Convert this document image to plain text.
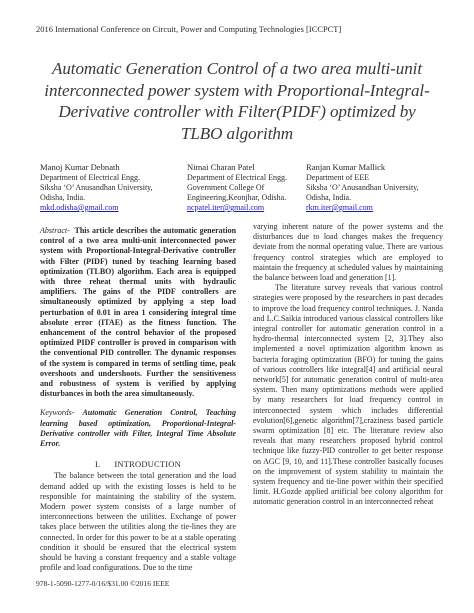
2016 International Conference on Circuit, Power and Computing Technologies [ICCPCT]
Automatic Generation Control of a two area multi-unit interconnected power system with Proportional-Integral-Derivative controller with Filter(PIDF) optimized by TLBO algorithm
Manoj Kumar Debnath
Department of Electrical Engg.
Siksha ‘O’ Anusandhan University,
Odisha, India.
mkd.odisha@gmail.com
Nimai Charan Patel
Department of Electrical Engg.
Government College Of
Engineering,Keonjhar, Odisha.
ncpatel.iter@gmail.com
Ranjan Kumar Mallick
Department of EEE
Siksha ‘O’ Anusandhan University,
Odisha, India.
rkm.iter@gmail.com
Abstract- This article describes the automatic generation control of a two area multi-unit interconnected power system with Proportional-Integral-Derivative controller with Filter (PIDF) tuned by teaching learning based optimization (TLBO) algorithm. Each area is equipped with three reheat thermal units with hydraulic amplifiers. The gains of the PIDF controllers are simultaneously optimized by applying a step load perturbation of 0.01 in area 1 considering integral time absolute error (ITAE) as the fitness function. The enhancement of the control behavior of the proposed optimized PIDF controller is proved in comparison with the conventional PID controller. The dynamic responses of the system is compared in terms of settling time, peak overshoots and undershoots. Further the sensitiveness and robustness of system is verified by applying disturbances in both the area simultaneously.
Keywords- Automatic Generation Control, Teaching learning based optimization, Proportional-Integral-Derivative controller with Filter, Integral Time Absolute Error.
I. INTRODUCTION

The balance between the total generation and the load demand added up with the existing losses is held to be responsible for maintaining the stability of the system. Modern power system consists of a large number of interconnections between the utilities. Exchange of power takes place between the utilities along the tie-lines they are connected. In order for this power to be at a stable operating condition it should be ensured that the electrical system should be having a constant frequency and a stable voltage profile and load configurations. Due to the time

varying inherent nature of the power systems and the disturbances due to load changes makes the frequency deviate from the normal operating value. There are various frequency control strategies which are employed to maintain the frequency at scheduled values by maintaining the balance between load and generation [1].

The literature survey reveals that various control strategies were proposed by the researchers in past decades to improve the load frequency control techniques. J. Nanda and L.C.Saikia introduced various classical controllers like integral controller for automatic generation control in a hydro-thermal interconnected system [2, 3].They also implemented a novel optimization algorithm known as bacteria foraging optimization (BFO) for tuning the gains of various controllers like integral[4] and artificial neural network[5] for automatic generation control of multi-area system. Then many optimizations methods were applied by many researchers for load frequency control in interconnected system which includes differential evolution[6],genetic algorithm[7],craziness based particle swarm optimization [8] etc. The literature review also reveals that many researchers proposed hybrid control technique like fuzzy-PID controller to get better response on AGC [9, 10, and 11].These controller basically focuses on the improvement of system stability to maintain the system frequency and tie-line power within their specified limit. H.Gozde applied artificial bee colony algorithm for automatic generation control in an interconnected reheat

978-1-5090-1277-0/16/$31.00 ©2016 IEEE
